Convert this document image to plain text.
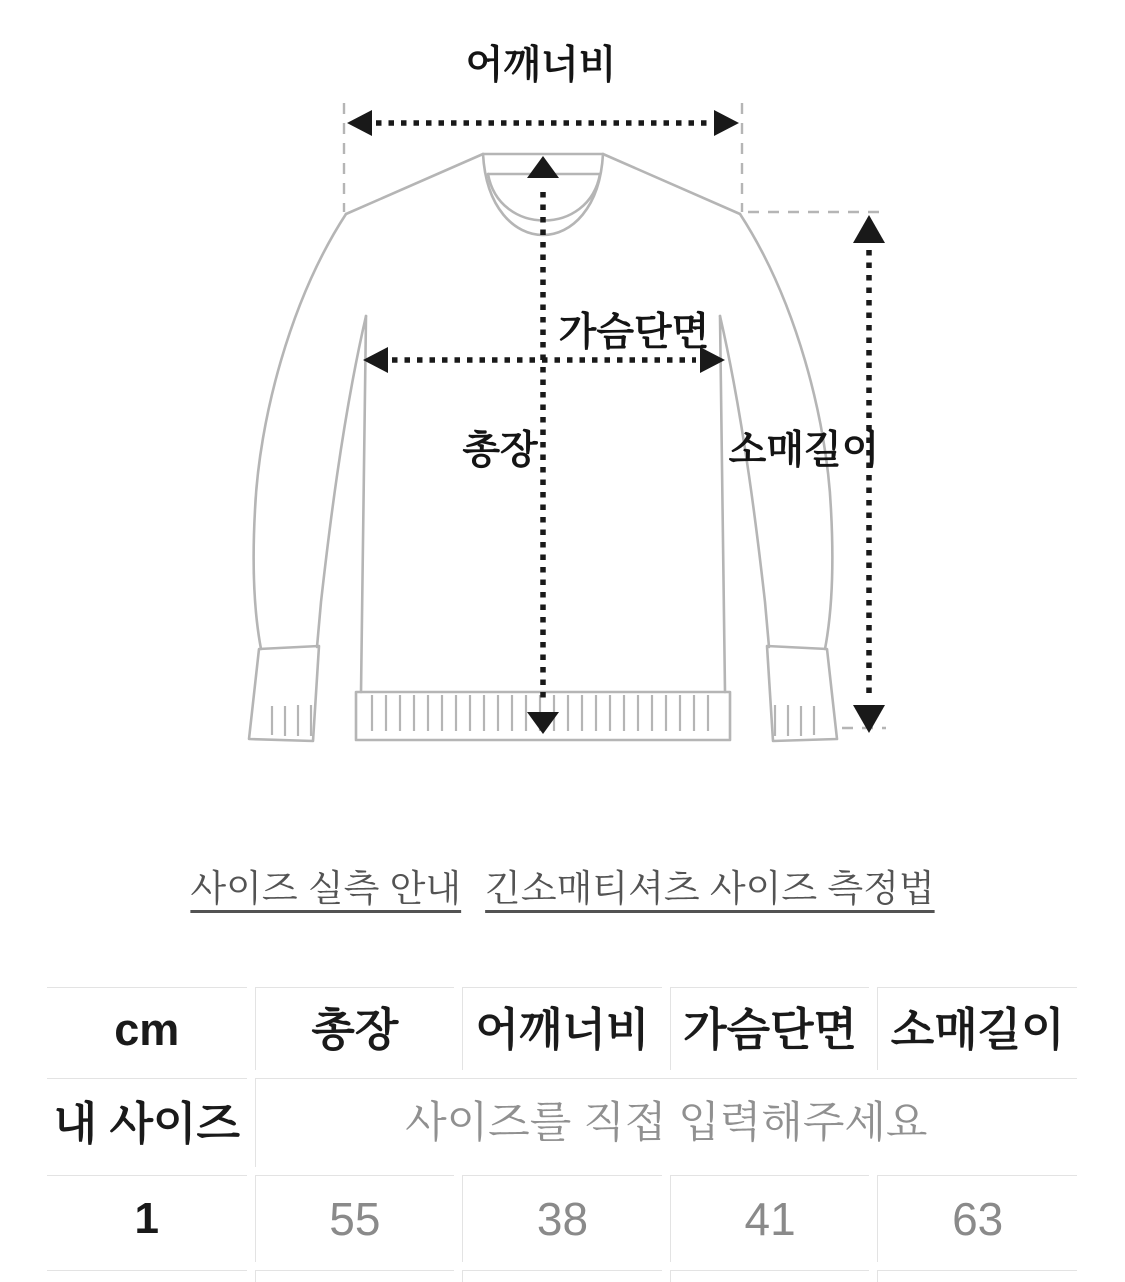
어깨너비
가슴단면
총장	소매길이
사이즈 실측 안내 긴소매티셔츠 사이즈 측정법
cm	총장	어깨너비	가슴단면	소매길이
내 사이즈	사이즈를 직접 입력해주세요			
1	55	38	41	63
